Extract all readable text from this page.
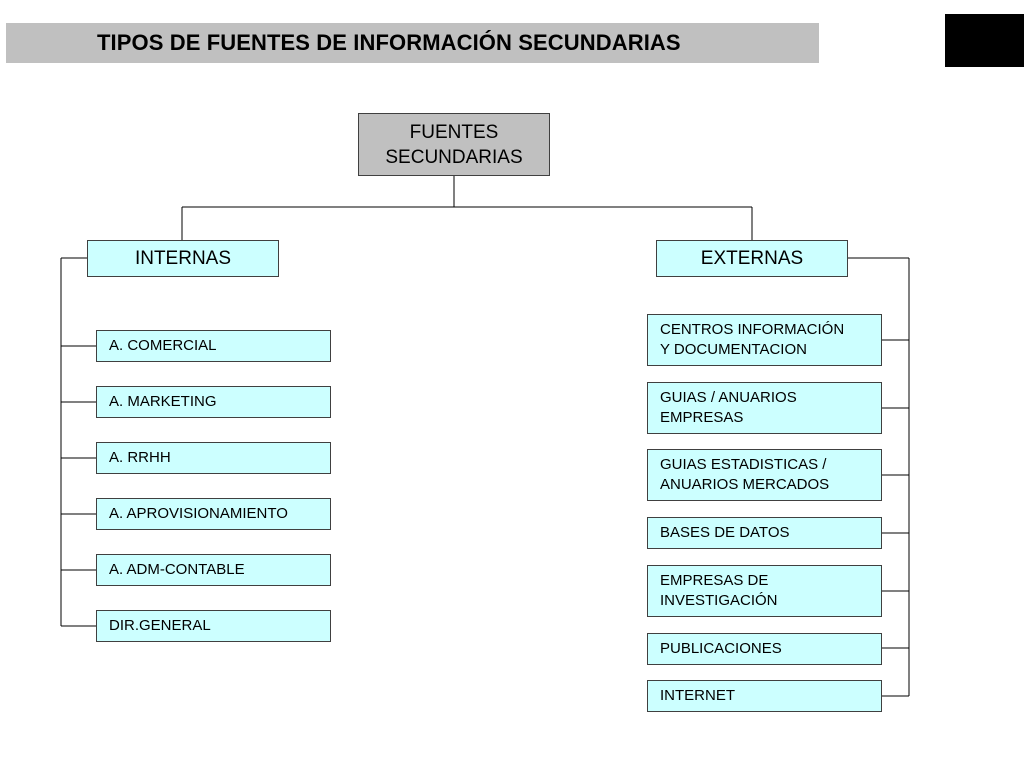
TIPOS DE FUENTES DE INFORMACIÓN SECUNDARIAS
FUENTES
SECUNDARIAS
INTERNAS	EXTERNAS
A. COMERCIAL
A. MARKETING
A. RRHH
A. APROVISIONAMIENTO
A. ADM-CONTABLE
DIR.GENERAL
CENTROS INFORMACIÓN
Y DOCUMENTACION
GUIAS / ANUARIOS
EMPRESAS
GUIAS ESTADISTICAS /
ANUARIOS MERCADOS
BASES DE DATOS
EMPRESAS DE
INVESTIGACIÓN
PUBLICACIONES
INTERNET
